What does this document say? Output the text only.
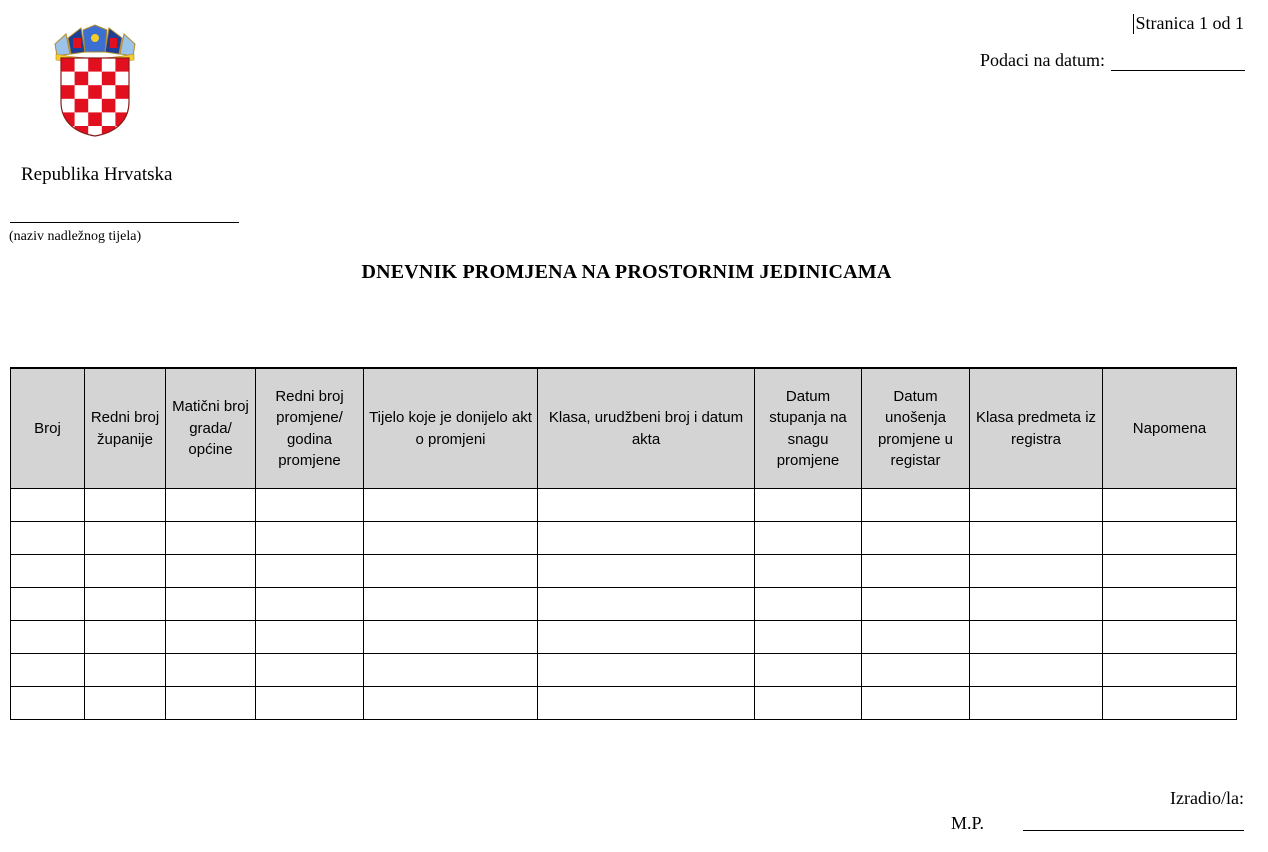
Republika Hrvatska
(naziv nadležnog tijela)
Stranica 1 od 1
Podaci na datum:
DNEVNIK PROMJENA NA PROSTORNIM JEDINICAMA
Broj	Redni broj županije	Matični broj grada/ općine	Redni broj promjene/ godina promjene	Tijelo koje je donijelo akt o promjeni	Klasa, urudžbeni broj i datum akta	Datum stupanja na snagu promjene	Datum unošenja promjene u registar	Klasa predmeta iz registra	Napomena

Izradio/la:
M.P.
